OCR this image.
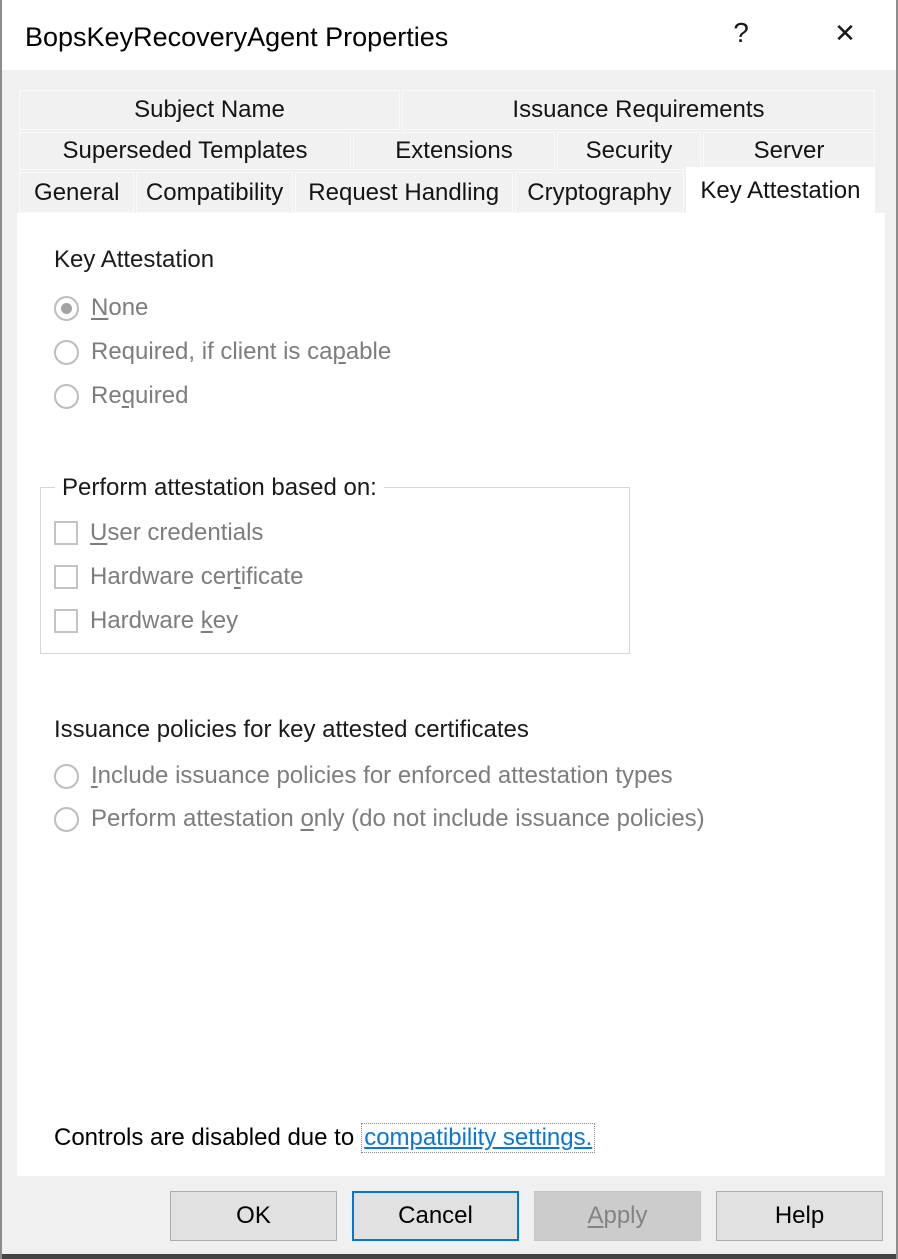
BopsKeyRecoveryAgent Properties	?	✕
Subject Name	Issuance Requirements
Superseded Templates	Extensions	Security	Server
General	Compatibility	Request Handling	Cryptography	Key Attestation
Key Attestation
None
Required, if client is capable
Required
Perform attestation based on:
User credentials
Hardware certificate
Hardware key
Issuance policies for key attested certificates
Include issuance policies for enforced attestation types
Perform attestation only (do not include issuance policies)
Controls are disabled due to compatibility settings.
OK	Cancel	Apply	Help
